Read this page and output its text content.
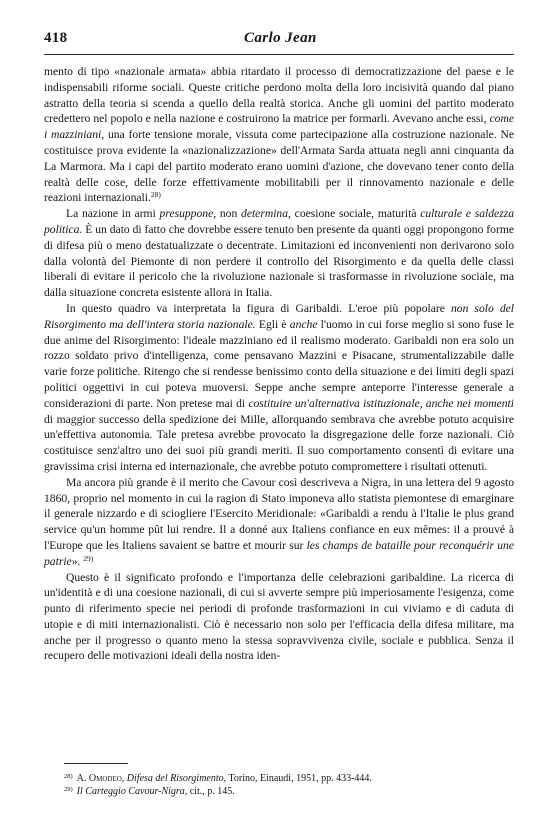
418	Carlo Jean

mento di tipo «nazionale armata» abbia ritardato il processo di democratizzazione del paese e le indispensabili riforme sociali. Queste critiche perdono molta della loro incisività quando dal piano astratto della teoria si scenda a quello della realtà storica. Anche gli uomini del partito moderato credettero nel popolo e nella nazione e costruirono la matrice per formarli. Avevano anche essi, come i mazziniani, una forte tensione morale, vissuta come partecipazione alla costruzione nazionale. Ne costituisce prova evidente la «nazionalizzazione» dell'Armata Sarda attuata negli anni cinquanta da La Marmora. Ma i capi del partito moderato erano uomini d'azione, che dovevano tener conto della realtà delle cose, delle forze effettivamente mobilitabili per il rinnovamento nazionale e delle reazioni internazionali.$^{28)}$

La nazione in armi presuppone, non determina, coesione sociale, maturità culturale e saldezza politica. È un dato di fatto che dovrebbe essere tenuto ben presente da quanti oggi propongono forme di difesa più o meno destatualizzate o decentrate. Limitazioni ed inconvenienti non derivarono solo dalla volontà del Piemonte di non perdere il controllo del Risorgimento e da quella delle classi liberali di evitare il pericolo che la rivoluzione nazionale si trasformasse in rivoluzione sociale, ma dalla situazione concreta esistente allora in Italia.

In questo quadro va interpretata la figura di Garibaldi. L'eroe più popolare non solo del Risorgimento ma dell'intera storia nazionale. Egli è anche l'uomo in cui forse meglio si sono fuse le due anime del Risorgimento: l'ideale mazziniano ed il realismo moderato. Garibaldi non era solo un rozzo soldato privo d'intelligenza, come pensavano Mazzini e Pisacane, strumentalizzabile dalle varie forze politiche. Ritengo che si rendesse benissimo conto della situazione e dei limiti degli spazi politici oggettivi in cui poteva muoversi. Seppe anche sempre anteporre l'interesse generale a considerazioni di parte. Non pretese mai di costituire un'alternativa istituzionale, anche nei momenti di maggior successo della spedizione dei Mille, allorquando sembrava che avrebbe potuto acquisire un'effettiva autonomia. Tale pretesa avrebbe provocato la disgregazione delle forze nazionali. Ciò costituisce senz'altro uno dei suoi più grandi meriti. Il suo comportamento consentì di evitare una gravissima crisi interna ed internazionale, che avrebbe potuto compromettere i risultati ottenuti.

Ma ancora più grande è il merito che Cavour così descriveva a Nigra, in una lettera del 9 agosto 1860, proprio nel momento in cui la ragion di Stato imponeva allo statista piemontese di emarginare il generale nizzardo e di sciogliere l'Esercito Meridionale: «Garibaldi a rendu à l'Italie le plus grand service qu'un homme pût lui rendre. Il a donné aux Italiens confiance en eux mêmes: il a prouvé à l'Europe que les Italiens savaient se battre et mourir sur les champs de bataille pour reconquérir une patrie». $^{29)}$

Questo è il significato profondo e l'importanza delle celebrazioni garibaldine. La ricerca di un'identità e di una coesione nazionali, di cui si avverte sempre più imperiosamente l'esigenza, come punto di riferimento specie nei periodi di profonde trasformazioni in cui viviamo e di caduta di utopie e di miti internazionalisti. Ciò è necessario non solo per l'efficacia della difesa militare, ma anche per il progresso o quanto meno la stessa sopravvivenza civile, sociale e pubblica. Senza il recupero delle motivazioni ideali della nostra iden-

$^{28)}$ A. Omodeo, Difesa del Risorgimento, Torino, Einaudi, 1951, pp. 433-444.

$^{29)}$ Il Carteggio Cavour-Nigra, cit., p. 145.
